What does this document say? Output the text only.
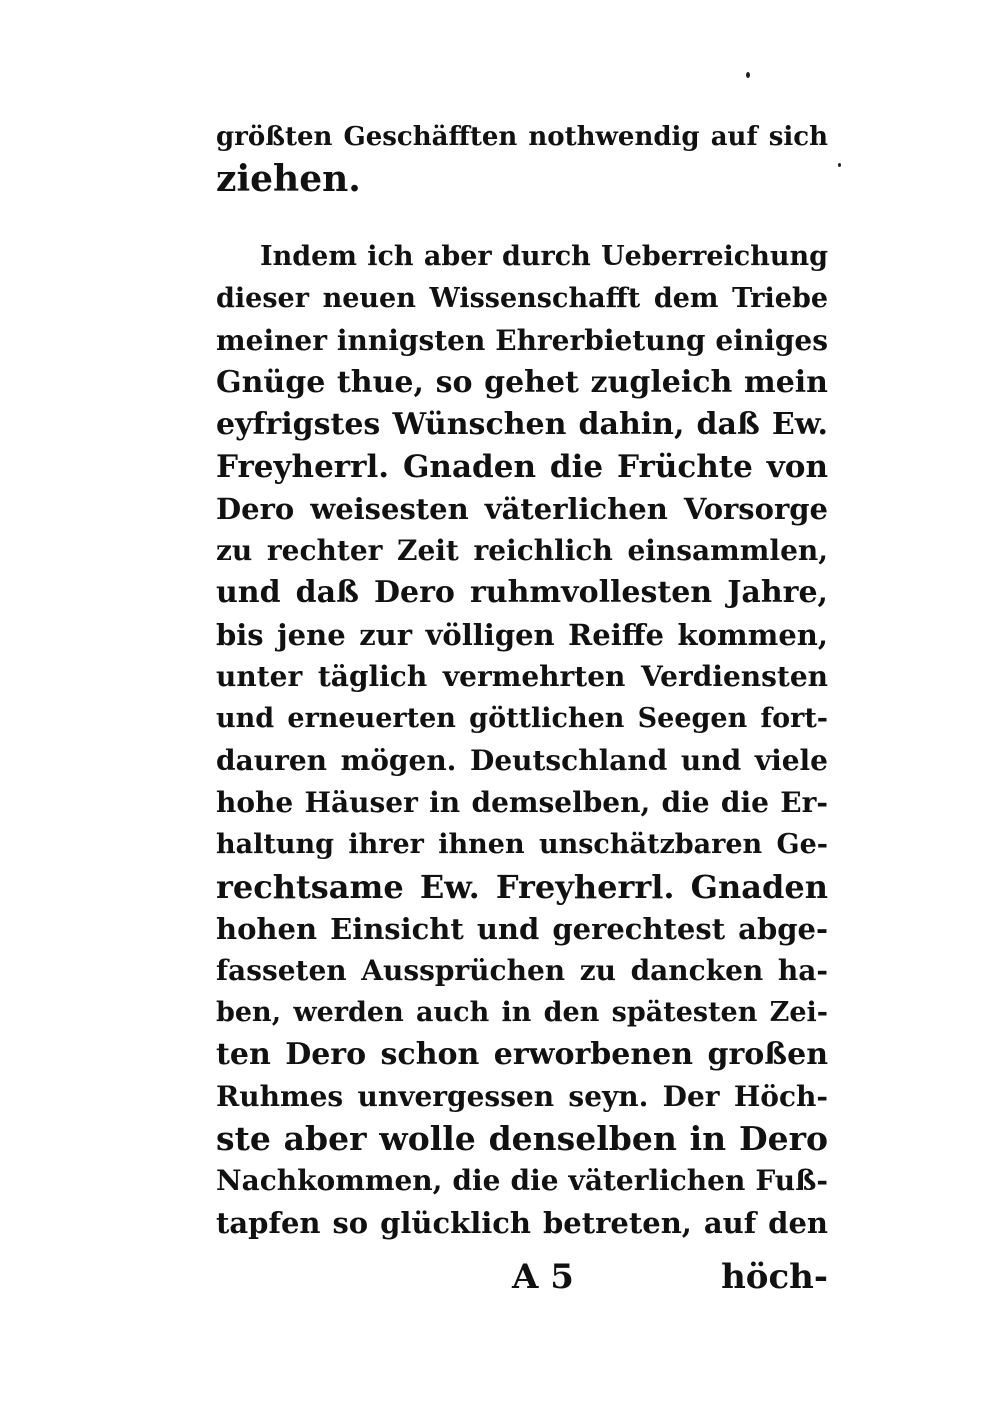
größten Geschäfften nothwendig auf sich
ziehen.
Indem ich aber durch Ueberreichung
dieser neuen Wissenschafft dem Triebe
meiner innigsten Ehrerbietung einiges
Gnüge thue, so gehet zugleich mein
eyfrigstes Wünschen dahin, daß Ew.
Freyherrl. Gnaden die Früchte von
Dero weisesten väterlichen Vorsorge
zu rechter Zeit reichlich einsammlen,
und daß Dero ruhmvollesten Jahre,
bis jene zur völligen Reiffe kommen,
unter täglich vermehrten Verdiensten
und erneuerten göttlichen Seegen fort-
dauren mögen. Deutschland und viele
hohe Häuser in demselben, die die Er-
haltung ihrer ihnen unschätzbaren Ge-
rechtsame Ew. Freyherrl. Gnaden
hohen Einsicht und gerechtest abge-
fasseten Aussprüchen zu dancken ha-
ben, werden auch in den spätesten Zei-
ten Dero schon erworbenen großen
Ruhmes unvergessen seyn. Der Höch-
ste aber wolle denselben in Dero
Nachkommen, die die väterlichen Fuß-
tapfen so glücklich betreten, auf den
A 5	höch-
